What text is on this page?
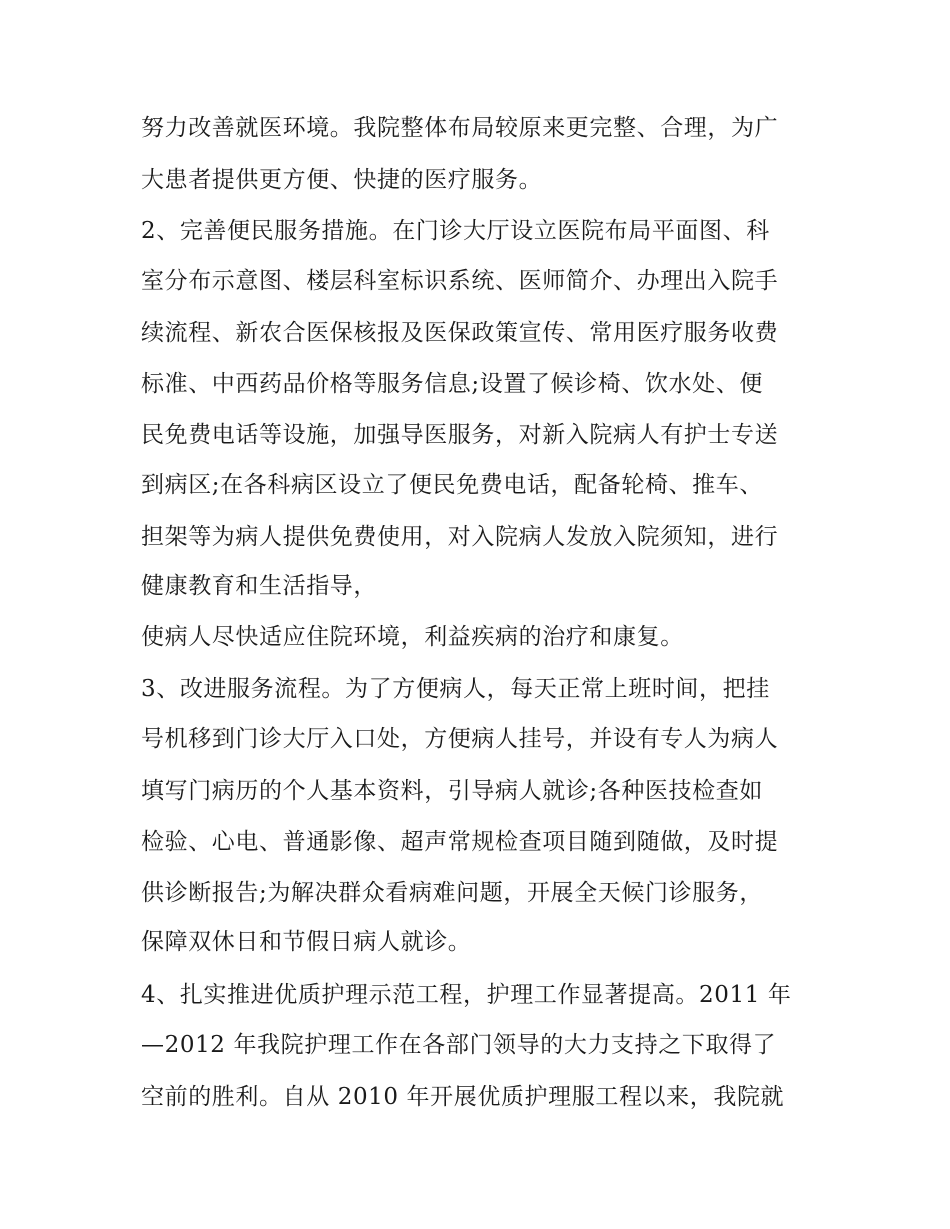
努力改善就医环境。我院整体布局较原来更完整、合理，为广
大患者提供更方便、快捷的医疗服务。
2、完善便民服务措施。在门诊大厅设立医院布局平面图、科
室分布示意图、楼层科室标识系统、医师简介、办理出入院手
续流程、新农合医保核报及医保政策宣传、常用医疗服务收费
标准、中西药品价格等服务信息;设置了候诊椅、饮水处、便
民免费电话等设施，加强导医服务，对新入院病人有护士专送
到病区;在各科病区设立了便民免费电话，配备轮椅、推车、
担架等为病人提供免费使用，对入院病人发放入院须知，进行
健康教育和生活指导，
使病人尽快适应住院环境，利益疾病的治疗和康复。
3、改进服务流程。为了方便病人，每天正常上班时间，把挂
号机移到门诊大厅入口处，方便病人挂号，并设有专人为病人
填写门病历的个人基本资料，引导病人就诊;各种医技检查如
检验、心电、普通影像、超声常规检查项目随到随做，及时提
供诊断报告;为解决群众看病难问题，开展全天候门诊服务，
保障双休日和节假日病人就诊。
4、扎实推进优质护理示范工程，护理工作显著提高。2011 年
—2012 年我院护理工作在各部门领导的大力支持之下取得了
空前的胜利。自从 2010 年开展优质护理服工程以来，我院就
